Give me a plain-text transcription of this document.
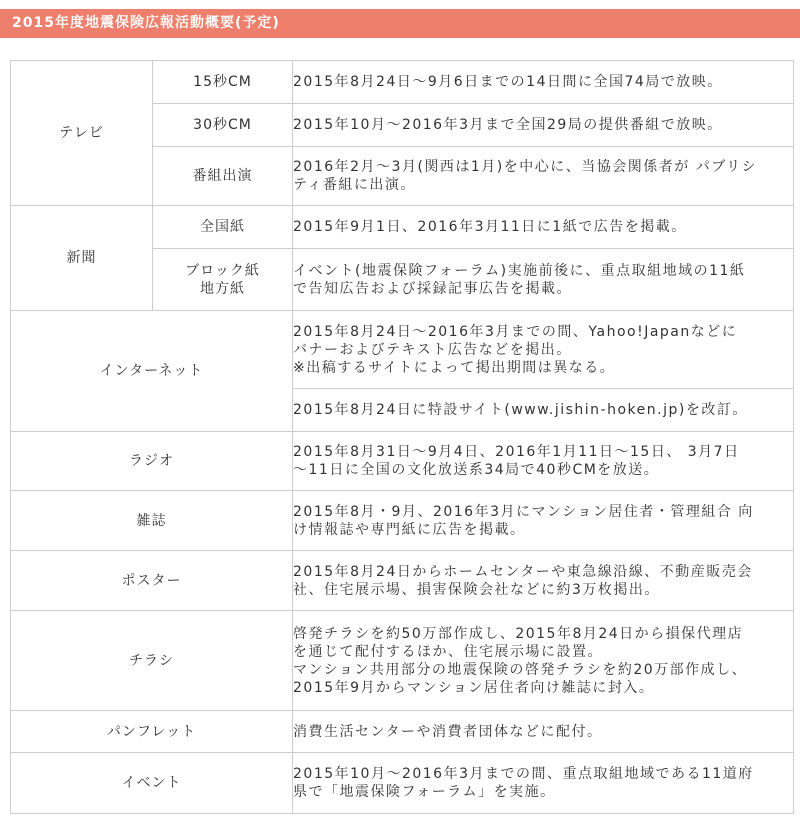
2015年度地震保険広報活動概要(予定)
テレビ	15秒CM	2015年8月24日〜9月6日までの14日間に全国74局で放映。

	30秒CM	2015年10月〜2016年3月まで全国29局の提供番組で放映。

	番組出演	2016年2月〜3月(関西は1月)を中心に、当協会関係者が パブリシ
ティ番組に出演。

新聞	全国紙	2015年9月1日、2016年3月11日に1紙で広告を掲載。

	ブロック紙
地方紙	イベント(地震保険フォーラム)実施前後に、重点取組地域の11紙
で告知広告および採録記事広告を掲載。

インターネット		2015年8月24日〜2016年3月までの間、Yahoo!Japanなどに
バナーおよびテキスト広告などを掲出。
※出稿するサイトによって掲出期間は異なる。

		2015年8月24日に特設サイト(www.jishin-hoken.jp)を改訂。

ラジオ		2015年8月31日〜9月4日、2016年1月11日〜15日、 3月7日
〜11日に全国の文化放送系34局で40秒CMを放送。

雑誌		2015年8月・9月、2016年3月にマンション居住者・管理組合 向
け情報誌や専門紙に広告を掲載。

ポスター		2015年8月24日からホームセンターや東急線沿線、不動産販売会
社、住宅展示場、損害保険会社などに約3万枚掲出。

チラシ		啓発チラシを約50万部作成し、2015年8月24日から損保代理店
を通じて配付するほか、住宅展示場に設置。
マンション共用部分の地震保険の啓発チラシを約20万部作成し、
2015年9月からマンション居住者向け雑誌に封入。

パンフレット		消費生活センターや消費者団体などに配付。

イベント		2015年10月〜2016年3月までの間、重点取組地域である11道府
県で「地震保険フォーラム」を実施。
